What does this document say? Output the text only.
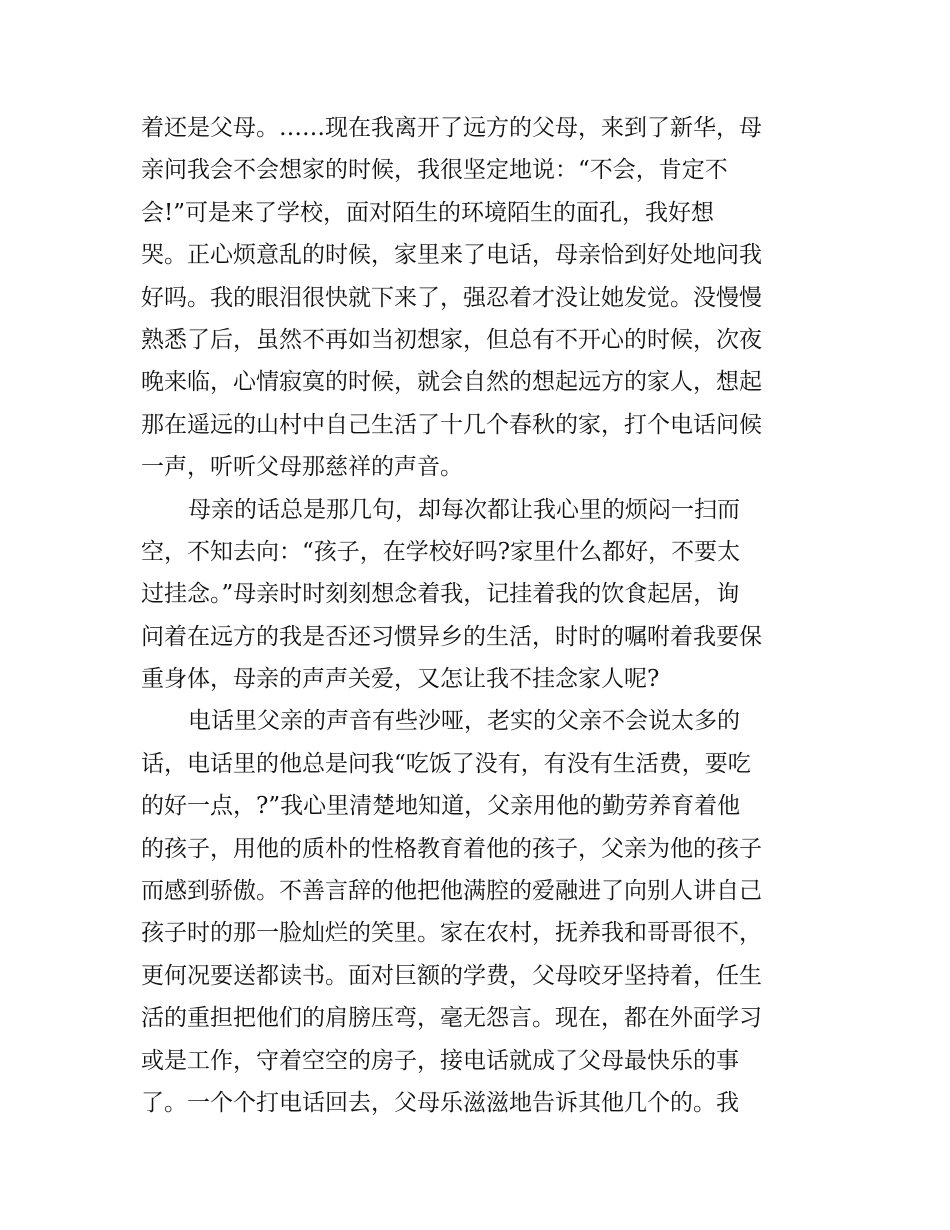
着还是父母。……现在我离开了远方的父母，来到了新华，母
亲问我会不会想家的时候，我很坚定地说：“不会，肯定不
会!”可是来了学校，面对陌生的环境陌生的面孔，我好想
哭。正心烦意乱的时候，家里来了电话，母亲恰到好处地问我
好吗。我的眼泪很快就下来了，强忍着才没让她发觉。没慢慢
熟悉了后，虽然不再如当初想家，但总有不开心的时候，次夜
晚来临，心情寂寞的时候，就会自然的想起远方的家人，想起
那在遥远的山村中自己生活了十几个春秋的家，打个电话问候
一声，听听父母那慈祥的声音。
母亲的话总是那几句，却每次都让我心里的烦闷一扫而
空，不知去向：“孩子，在学校好吗?家里什么都好，不要太
过挂念。”母亲时时刻刻想念着我，记挂着我的饮食起居，询
问着在远方的我是否还习惯异乡的生活，时时的嘱咐着我要保
重身体，母亲的声声关爱，又怎让我不挂念家人呢?
电话里父亲的声音有些沙哑，老实的父亲不会说太多的
话，电话里的他总是问我“吃饭了没有，有没有生活费，要吃
的好一点，?”我心里清楚地知道，父亲用他的勤劳养育着他
的孩子，用他的质朴的性格教育着他的孩子，父亲为他的孩子
而感到骄傲。不善言辞的他把他满腔的爱融进了向别人讲自己
孩子时的那一脸灿烂的笑里。家在农村，抚养我和哥哥很不，
更何况要送都读书。面对巨额的学费，父母咬牙坚持着，任生
活的重担把他们的肩膀压弯，毫无怨言。现在，都在外面学习
或是工作，守着空空的房子，接电话就成了父母最快乐的事
了。一个个打电话回去，父母乐滋滋地告诉其他几个的。我
